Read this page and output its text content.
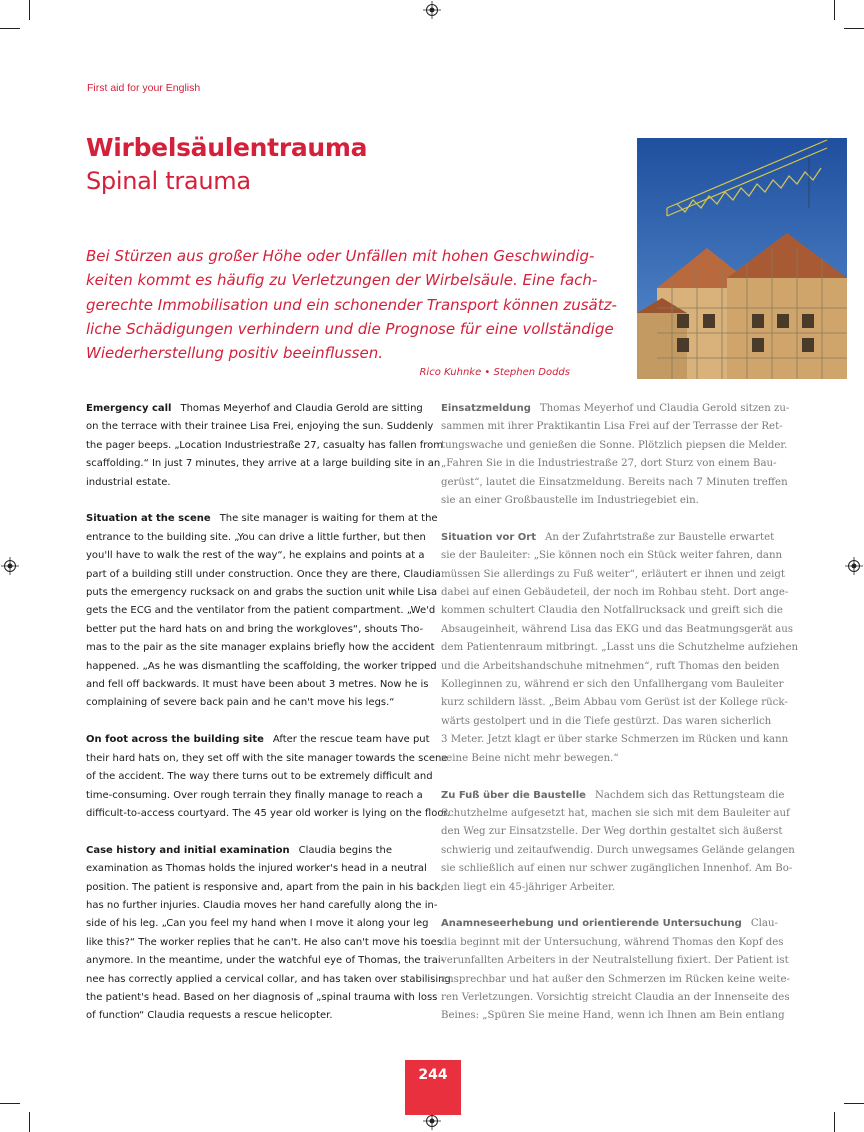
First aid for your English
Wirbelsäulentrauma
Spinal trauma
Bei Stürzen aus großer Höhe oder Unfällen mit hohen Geschwindig-
keiten kommt es häufig zu Verletzungen der Wirbelsäule. Eine fach-
gerechte Immobilisation und ein schonender Transport können zusätz-
liche Schädigungen verhindern und die Prognose für eine vollständige
Wiederherstellung positiv beeinflussen.
Rico Kuhnke • Stephen Dodds

Emergency call Thomas Meyerhof and Claudia Gerold are sitting

on the terrace with their trainee Lisa Frei, enjoying the sun. Suddenly

the pager beeps. „Location Industriestraße 27, casualty has fallen from

scaffolding.“ In just 7 minutes, they arrive at a large building site in an

industrial estate.

Situation at the scene The site manager is waiting for them at the

entrance to the building site. „You can drive a little further, but then

you'll have to walk the rest of the way“, he explains and points at a

part of a building still under construction. Once they are there, Claudia

puts the emergency rucksack on and grabs the suction unit while Lisa

gets the ECG and the ventilator from the patient compartment. „We'd

better put the hard hats on and bring the workgloves“, shouts Tho-

mas to the pair as the site manager explains briefly how the accident

happened. „As he was dismantling the scaffolding, the worker tripped

and fell off backwards. It must have been about 3 metres. Now he is

complaining of severe back pain and he can't move his legs.“

On foot across the building site After the rescue team have put

their hard hats on, they set off with the site manager towards the scene

of the accident. The way there turns out to be extremely difficult and

time-consuming. Over rough terrain they finally manage to reach a

difficult-to-access courtyard. The 45 year old worker is lying on the floor.

Case history and initial examination Claudia begins the

examination as Thomas holds the injured worker's head in a neutral

position. The patient is responsive and, apart from the pain in his back,

has no further injuries. Claudia moves her hand carefully along the in-

side of his leg. „Can you feel my hand when I move it along your leg

like this?“ The worker replies that he can't. He also can't move his toes

anymore. In the meantime, under the watchful eye of Thomas, the trai-

nee has correctly applied a cervical collar, and has taken over stabilising

the patient's head. Based on her diagnosis of „spinal trauma with loss

of function“ Claudia requests a rescue helicopter.

Einsatzmeldung Thomas Meyerhof und Claudia Gerold sitzen zu-

sammen mit ihrer Praktikantin Lisa Frei auf der Terrasse der Ret-

tungswache und genießen die Sonne. Plötzlich piepsen die Melder.

„Fahren Sie in die Industriestraße 27, dort Sturz von einem Bau-

gerüst“, lautet die Einsatzmeldung. Bereits nach 7 Minuten treffen

sie an einer Großbaustelle im Industriegebiet ein.

Situation vor Ort An der Zufahrtstraße zur Baustelle erwartet

sie der Bauleiter: „Sie können noch ein Stück weiter fahren, dann

müssen Sie allerdings zu Fuß weiter“, erläutert er ihnen und zeigt

dabei auf einen Gebäudeteil, der noch im Rohbau steht. Dort ange-

kommen schultert Claudia den Notfallrucksack und greift sich die

Absaugeinheit, während Lisa das EKG und das Beatmungsgerät aus

dem Patientenraum mitbringt. „Lasst uns die Schutzhelme aufziehen

und die Arbeitshandschuhe mitnehmen“, ruft Thomas den beiden

Kolleginnen zu, während er sich den Unfallhergang vom Bauleiter

kurz schildern lässt. „Beim Abbau vom Gerüst ist der Kollege rück-

wärts gestolpert und in die Tiefe gestürzt. Das waren sicherlich

3 Meter. Jetzt klagt er über starke Schmerzen im Rücken und kann

seine Beine nicht mehr bewegen.“

Zu Fuß über die Baustelle Nachdem sich das Rettungsteam die

Schutzhelme aufgesetzt hat, machen sie sich mit dem Bauleiter auf

den Weg zur Einsatzstelle. Der Weg dorthin gestaltet sich äußerst

schwierig und zeitaufwendig. Durch unwegsames Gelände gelangen

sie schließlich auf einen nur schwer zugänglichen Innenhof. Am Bo-

den liegt ein 45-jähriger Arbeiter.

Anamneseerhebung und orientierende Untersuchung Clau-

dia beginnt mit der Untersuchung, während Thomas den Kopf des

verunfallten Arbeiters in der Neutralstellung fixiert. Der Patient ist

ansprechbar und hat außer den Schmerzen im Rücken keine weite-

ren Verletzungen. Vorsichtig streicht Claudia an der Innenseite des

Beines: „Spüren Sie meine Hand, wenn ich Ihnen am Bein entlang

244
